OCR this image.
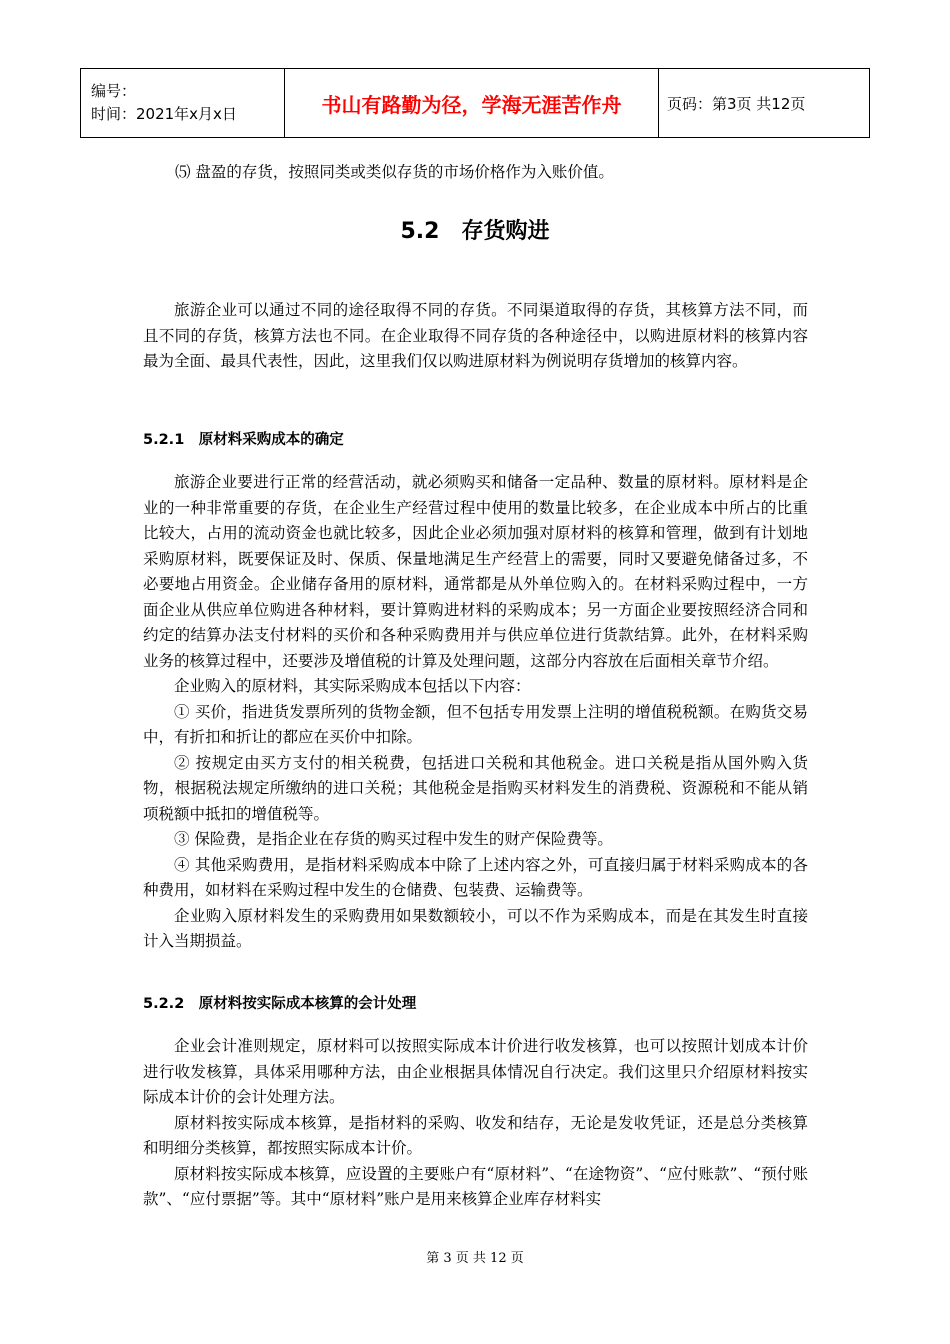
编号：
时间：2021年x月x日	书山有路勤为径，学海无涯苦作舟	页码：第3页 共12页
⑸ 盘盈的存货，按照同类或类似存货的市场价格作为入账价值。
5.2　存货购进

旅游企业可以通过不同的途径取得不同的存货。不同渠道取得的存货，其核算方法不同，而且不同的存货，核算方法也不同。在企业取得不同存货的各种途径中，以购进原材料的核算内容最为全面、最具代表性，因此，这里我们仅以购进原材料为例说明存货增加的核算内容。

5.2.1　原材料采购成本的确定

旅游企业要进行正常的经营活动，就必须购买和储备一定品种、数量的原材料。原材料是企业的一种非常重要的存货，在企业生产经营过程中使用的数量比较多，在企业成本中所占的比重比较大，占用的流动资金也就比较多，因此企业必须加强对原材料的核算和管理，做到有计划地采购原材料，既要保证及时、保质、保量地满足生产经营上的需要，同时又要避免储备过多，不必要地占用资金。企业储存备用的原材料，通常都是从外单位购入的。在材料采购过程中，一方面企业从供应单位购进各种材料，要计算购进材料的采购成本；另一方面企业要按照经济合同和约定的结算办法支付材料的买价和各种采购费用并与供应单位进行货款结算。此外，在材料采购业务的核算过程中，还要涉及增值税的计算及处理问题，这部分内容放在后面相关章节介绍。

企业购入的原材料，其实际采购成本包括以下内容：

① 买价，指进货发票所列的货物金额，但不包括专用发票上注明的增值税税额。在购货交易中，有折扣和折让的都应在买价中扣除。

② 按规定由买方支付的相关税费，包括进口关税和其他税金。进口关税是指从国外购入货物，根据税法规定所缴纳的进口关税；其他税金是指购买材料发生的消费税、资源税和不能从销项税额中抵扣的增值税等。

③ 保险费，是指企业在存货的购买过程中发生的财产保险费等。

④ 其他采购费用，是指材料采购成本中除了上述内容之外，可直接归属于材料采购成本的各种费用，如材料在采购过程中发生的仓储费、包装费、运输费等。

企业购入原材料发生的采购费用如果数额较小，可以不作为采购成本，而是在其发生时直接计入当期损益。

5.2.2　原材料按实际成本核算的会计处理

企业会计准则规定，原材料可以按照实际成本计价进行收发核算，也可以按照计划成本计价进行收发核算，具体采用哪种方法，由企业根据具体情况自行决定。我们这里只介绍原材料按实际成本计价的会计处理方法。

原材料按实际成本核算，是指材料的采购、收发和结存，无论是发收凭证，还是总分类核算和明细分类核算，都按照实际成本计价。

原材料按实际成本核算，应设置的主要账户有“原材料”、“在途物资”、“应付账款”、“预付账款”、“应付票据”等。其中“原材料”账户是用来核算企业库存材料实

第 3 页 共 12 页
